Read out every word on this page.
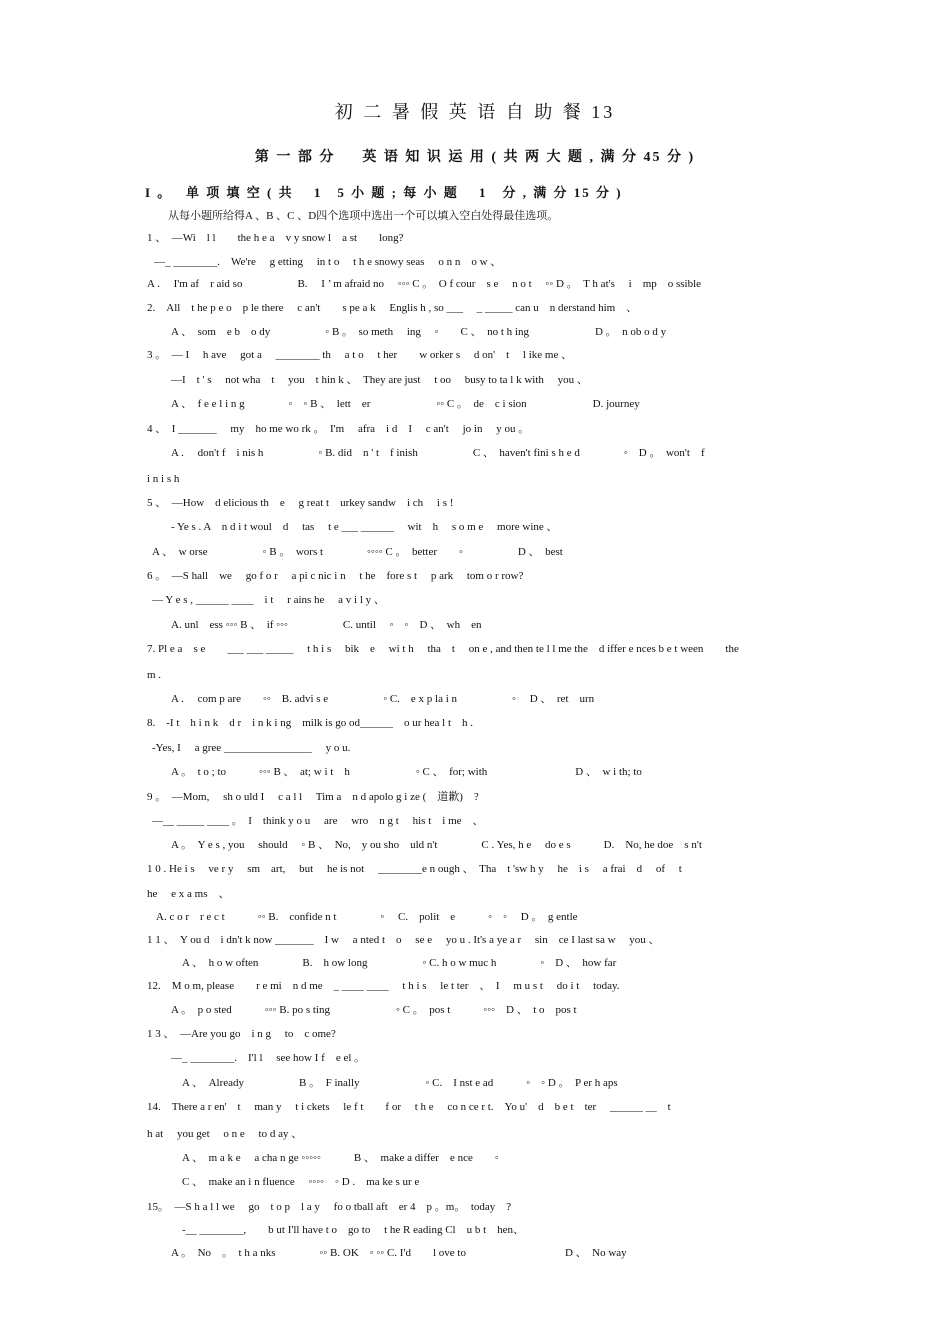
初 二 暑 假 英 语 自 助 餐 13
第 一 部 分 　 英 语 知 识 运 用 ( 共 两 大 题 , 满 分 45 分 )
I 。　 单 项 填 空 ( 共 　1　5 小 题 ; 每 小 题 　1　分 , 满 分 15 分 )
从每小题所给得A 、B 、C 、D四个选项中选出一个可以填入空白处得最佳选项。
1 、　—Wi　l l　　the h e a　v y snow l　a st　　long?
—_ ________.　We're　 g etting　 in t o　 t h e snowy seas　 o n n　o w 、
A .　 I'm af　r aid so　　　　　B.　 I ’ m afraid no　 ◦◦◦ C 。　O f cour　s e　 n o t　 ◦◦ D 。　T h at's　 i　mp　o ssible
2.　All　t he p e o　p le there　 c an't　　s pe a k　 Englis h , so ___　 _ _____ can u　n derstand him　、
A 、　som　e b　o dy　　　　　◦ B 。　so meth　 ing　 ◦　　C 、　no t h ing　　　　　　D 。　n ob o d y
3 。　— I　 h ave　 got a　 ________ th　 a t o　 t her　　w orker s　 d on'　t　 l ike me 、
—I　t ' s　 not wha　t　 you　t hin k 、　They are just　 t oo　 busy to ta l k with　 you 、
A 、　f e e l i n g　　　　◦　◦ B 、　lett　er　　　　　　◦◦ C 。　de　c i sion　　　　　　D. journey
4 、　I _______　 my　ho me wo rk 。　I'm　 afra　i d　I　 c an't　 jo in　 y ou 。
A .　 don't f　i nis h　　　　　◦ B. did　n ' t　f inish　　　　　C 、　haven't fini s h e d　　　　◦　D 。　won't　f
i n i s h
5 、　—How　d elicious th　e　 g reat t　urkey sandw　i ch　 i s !
- Ye s . A　n d i t woul　d　 tas　 t e ___ ______　 wit　h　 s o m e　 more wine 、
A 、　w orse　　　　　◦ B 。　wors t　　　　◦◦◦◦ C 。　better　　◦　　　　　D 、　best
6 。　—S hall　we　 go f o r　 a pi c nic i n　 t he　fore s t　 p ark　 tom o r row?
— Y e s , ______ ____　i t　 r ains he　 a v i l y 、
A. unl　ess ◦◦◦ B 、　if ◦◦◦　　　　　C. until　 ◦　◦　D 、　wh　en
7. Pl e a　s e　　___ ___ _____　 t h i s　 bik　e　 wi t h　 tha　t　 on e , and then te l l me the　d iffer e nces b e t ween　　the
m .
A .　 com p are　　◦◦　B. advi s e　　　　　◦ C.　e x p la i n　　　　　◦　 D 、　ret　urn
8.　-I t　h i n k　d r　i n k i ng　milk is go od______　o ur hea l t　h .
-Yes, I　 a gree ________________　 y o u.
A 。　t o ; to　　　◦◦◦ B 、　at; w i t　h　　　　　　◦ C 、　for; with　　　　　　　　D 、　w i th; to
9 。　—Mom,　 sh o uld I　 c a l l　 Tim a　n d apolo g i ze (　道歉)　?
—__ _____ ____ 。　I　think y o u　 are　 wro　n g t　 his t　i me　、
A 。　Y e s , you　 should　 ◦ B 、　No,　y ou sho　uld n't　　　　C . Yes, h e　 do e s　　　D.　No, he doe　s n't
1 0 . He i s　 ve r y　 sm　art,　 but　 he is not　 ________e n ough 、　Tha　t 'sw h y　 he　i s　 a frai　d　 of　 t
he　 e x a ms　、
A. c o r　r e c t　　　◦◦ B.　confide n t　　　　◦　 C.　polit　e　　　◦　◦　 D 。　g entle
1 1 、　Y ou d　i dn't k now _______　I w　 a nted t　o　 se e　 yo u . It's a ye a r　 sin　ce I last sa w　 you 、
A 、　h o w often　　　　B.　h ow long　　　　　◦ C. h o w muc h　　　　◦　D 、　how far
12.　M o m, please　　r e mi　n d me　_ ____ ____　 t h i s　 le t ter　、　I　 m u s t　 do i t　 today.
A 。　p o sted　　　◦◦◦ B. po s ting　　　　　　◦ C 。　pos t　　　◦◦◦　D 、　t o　pos t
1 3 、　—Are you go　i n g　 to　c ome?
—_ ________.　I'l l　 see how I f　e el 。
A 、　Already　　　　　B 。　F inally　　　　　　◦ C.　I nst e ad　　　◦　◦ D 。　P er h aps
14.　There a r en'　t　 man y　 t i ckets　 le f t　　f or　 t h e　 co n ce r t.　Yo u'　d　b e t　ter　 ______ __　t
h at　 you get　 o n e　 to d ay 、
A 、　m a k e　 a cha n ge ◦◦◦◦◦　　　B 、　make a differ　e nce　　◦
C 、　make an i n fluence　 ◦◦◦◦　◦ D .　ma ke s ur e
15。　—S h a l l we　 go　t o p　l a y　 fo o tball aft　er 4　p 。m。　today　?
-__ ________,　　b ut I'll have t o　go to　 t he R eading Cl　u b t　hen、
A 。　No　。　t h a nks　　　　◦◦ B. OK　◦ ◦◦ C. I'd　　l ove to　　　　　　　　　D 、　No way
